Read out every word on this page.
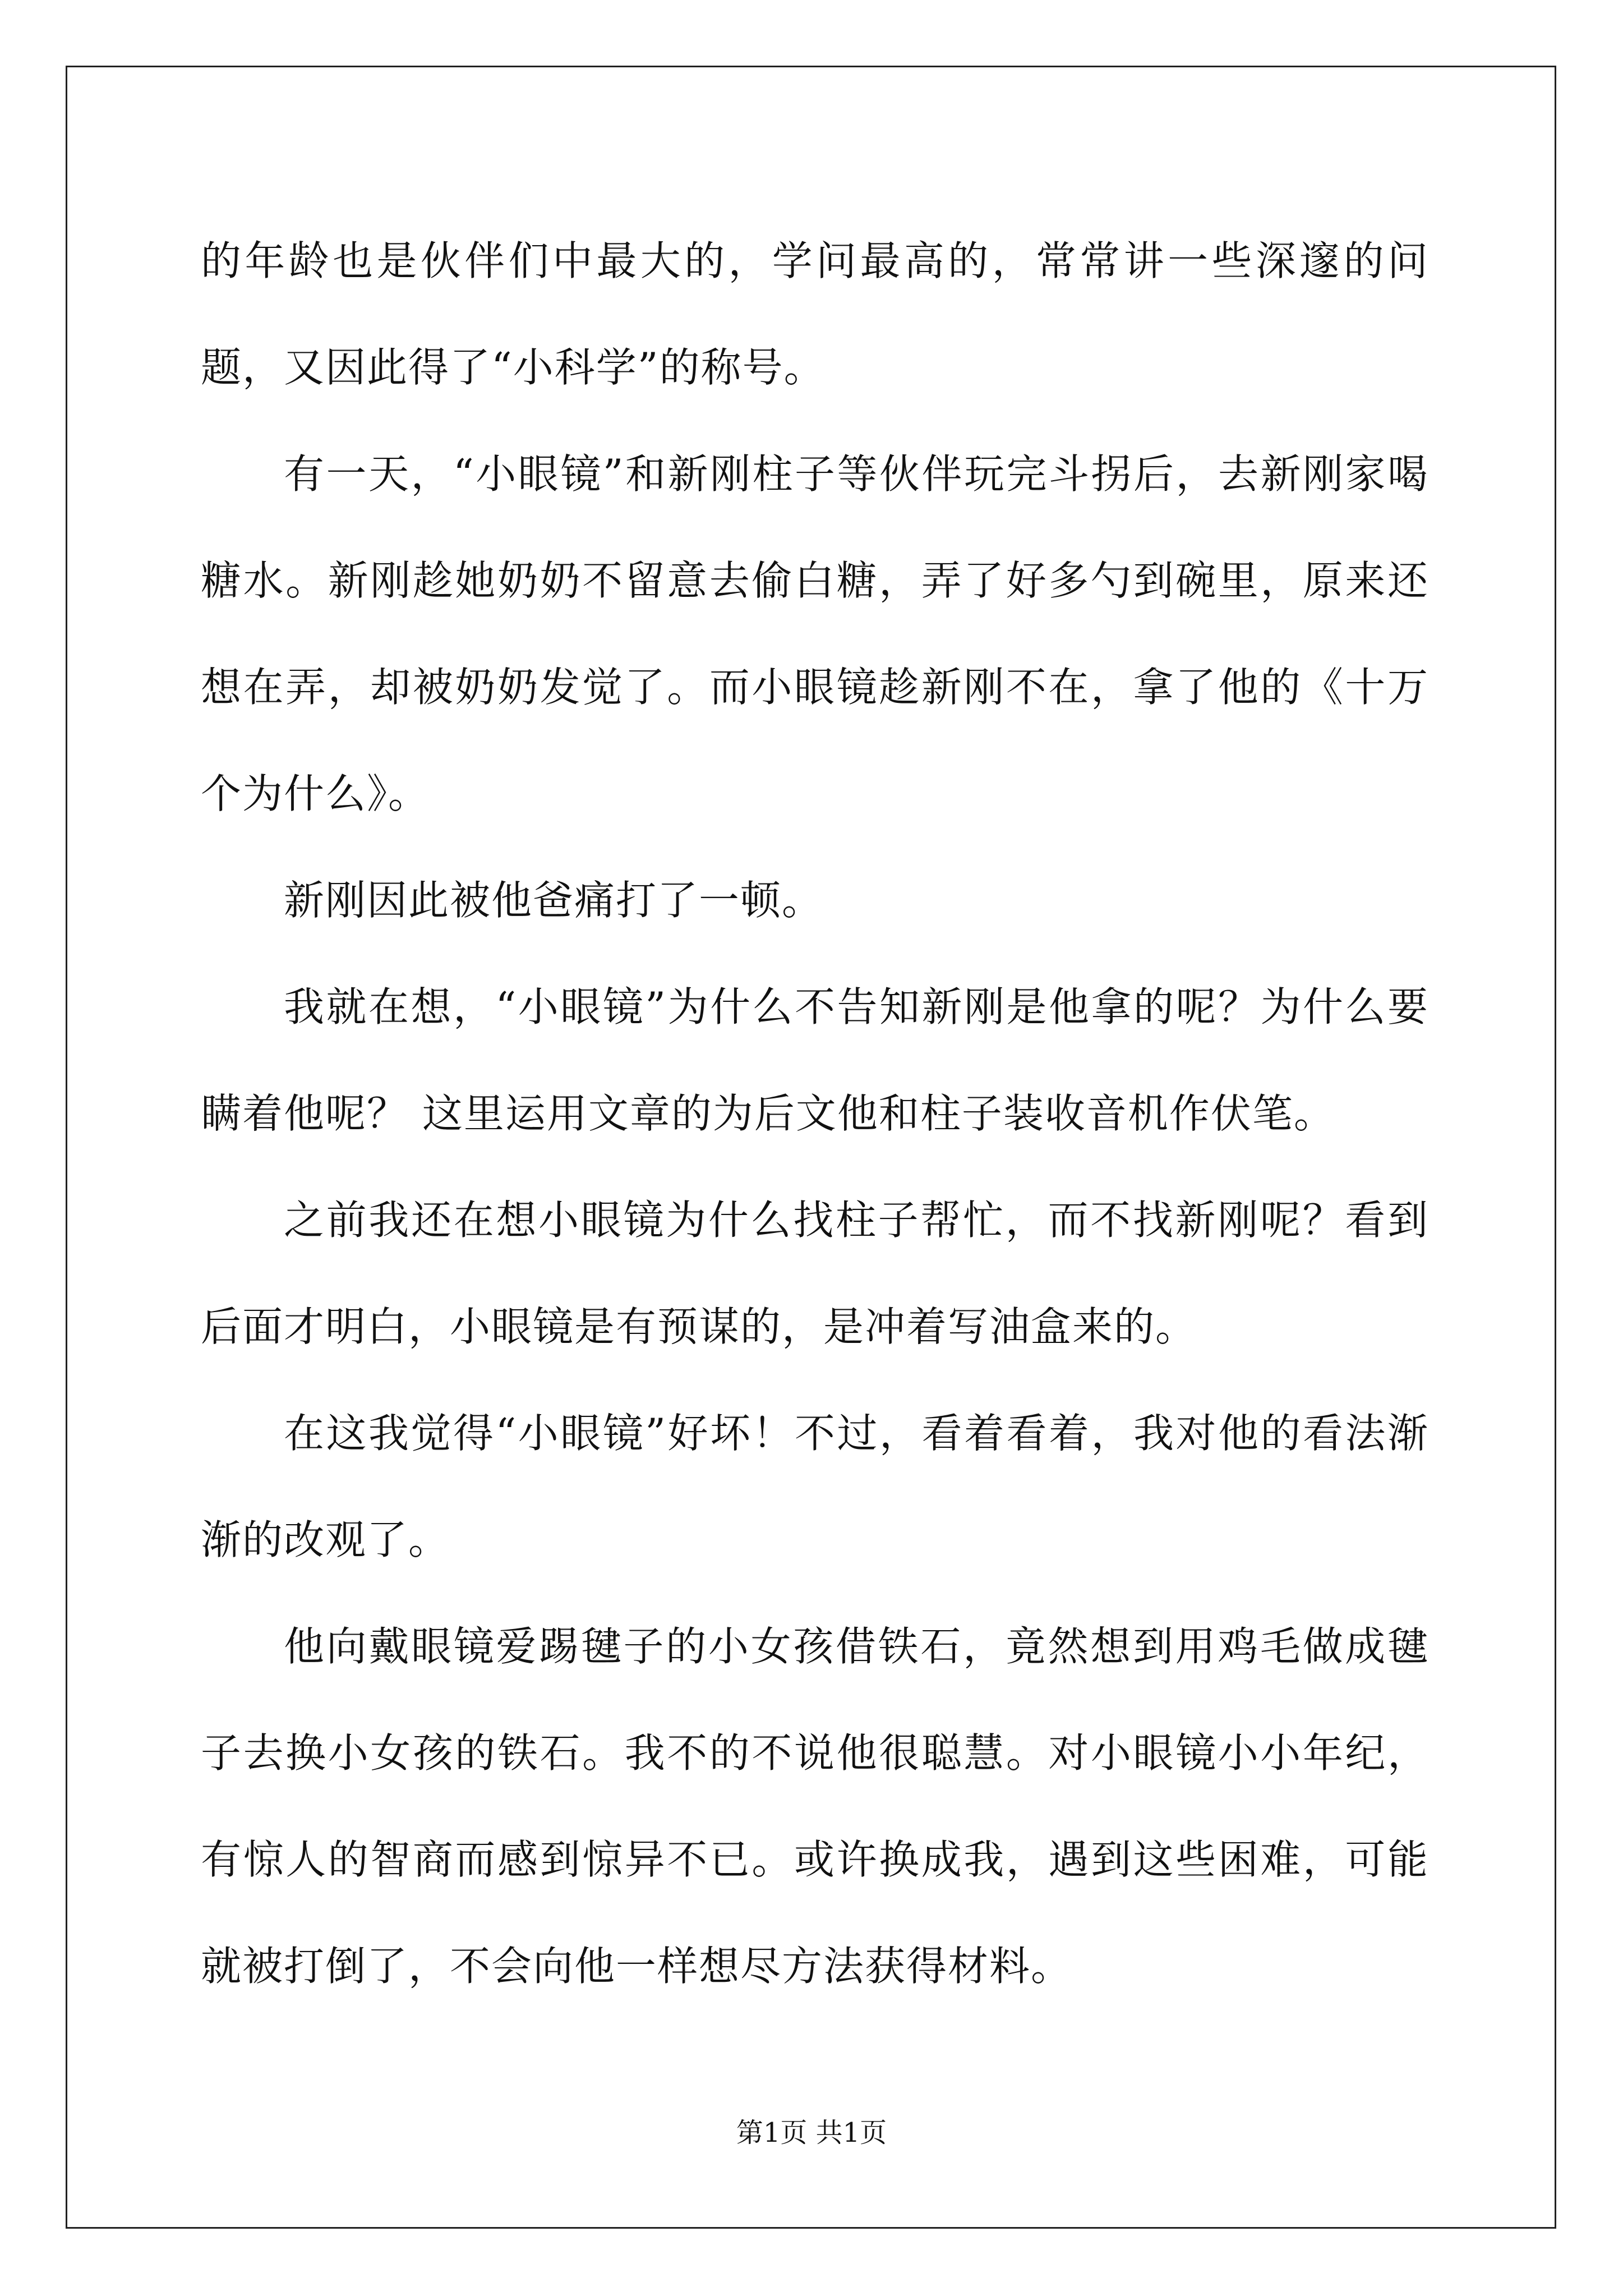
的年龄也是伙伴们中最大的，学问最高的，常常讲一些深邃的问题，又因此得了“小科学”的称号。

有一天，“小眼镜”和新刚柱子等伙伴玩完斗拐后，去新刚家喝糖水。新刚趁她奶奶不留意去偷白糖，弄了好多勺到碗里，原来还想在弄，却被奶奶发觉了。而小眼镜趁新刚不在，拿了他的《十万个为什么》。

新刚因此被他爸痛打了一顿。

我就在想，“小眼镜”为什么不告知新刚是他拿的呢？为什么要瞒着他呢？ 这里运用文章的为后文他和柱子装收音机作伏笔。

之前我还在想小眼镜为什么找柱子帮忙，而不找新刚呢？看到后面才明白，小眼镜是有预谋的，是冲着写油盒来的。

在这我觉得“小眼镜”好坏！不过，看着看着，我对他的看法渐渐的改观了。

他向戴眼镜爱踢毽子的小女孩借铁石，竟然想到用鸡毛做成毽子去换小女孩的铁石。我不的不说他很聪慧。对小眼镜小小年纪，有惊人的智商而感到惊异不已。或许换成我，遇到这些困难，可能就被打倒了，不会向他一样想尽方法获得材料。

第1页 共1页
